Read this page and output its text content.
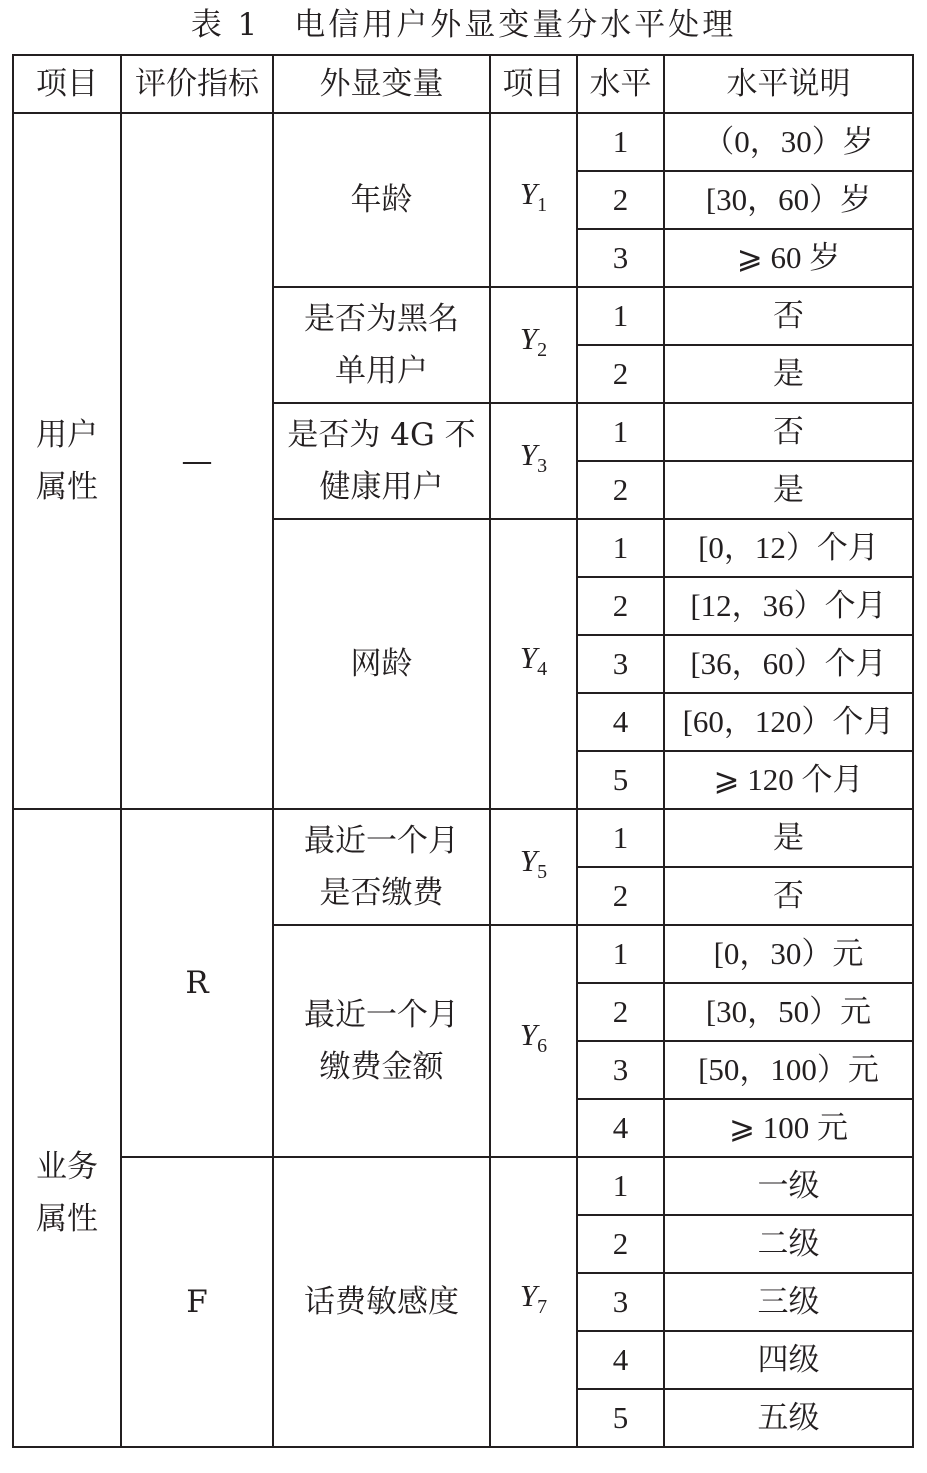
表 1　电信用户外显变量分水平处理
项目	评价指标	外显变量	项目	水平	水平说明
用户属性	—	年龄	$Y_1$	1	（0，30）岁
				2	[30，60）岁
				3	⩾ 60 岁
		是否为黑名单用户	$Y_2$	1	否
				2	是
		是否为 4G 不健康用户	$Y_3$	1	否
				2	是
		网龄	$Y_4$	1	[0，12）个月
				2	[12，36）个月
				3	[36，60）个月
				4	[60，120）个月
				5	⩾ 120 个月
业务属性	R	最近一个月是否缴费	$Y_5$	1	是
				2	否
		最近一个月缴费金额	$Y_6$	1	[0，30）元
				2	[30，50）元
				3	[50，100）元
				4	⩾ 100 元
	F	话费敏感度	$Y_7$	1	一级
				2	二级
				3	三级
				4	四级
				5	五级
